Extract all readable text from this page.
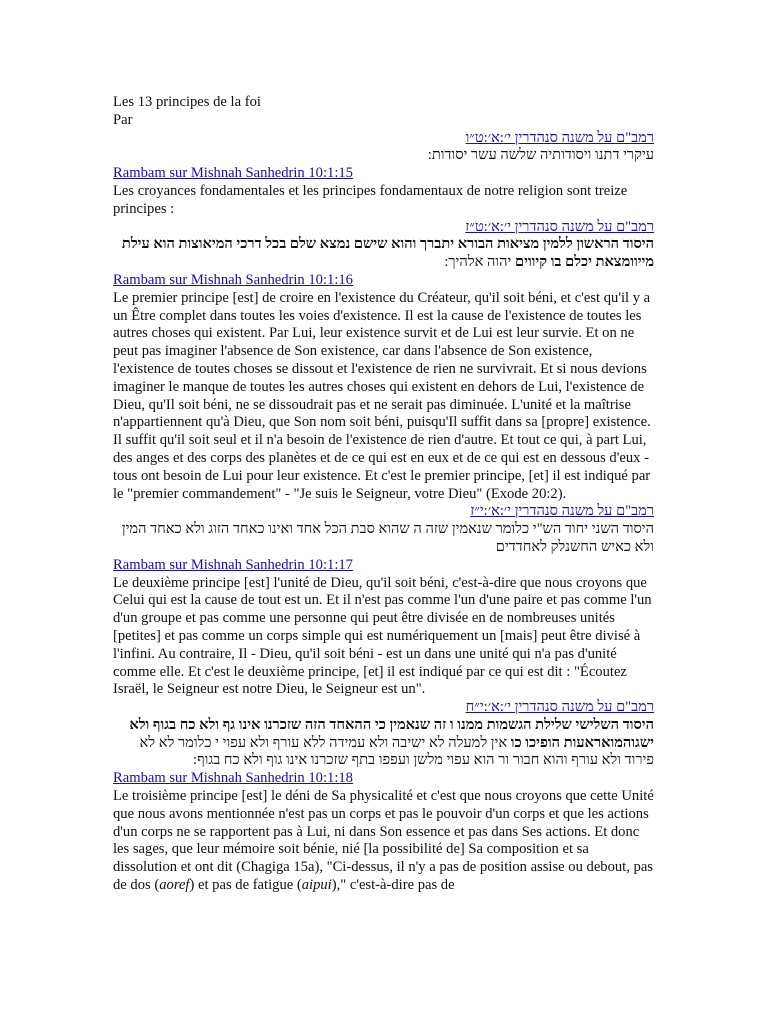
Les 13 principes de la foi
Par
רמב"ם על משנה סנהדרין י׳:א׳:ט״ו
עיקרי דתנו ויסודותיה שלשה עשר יסודות:
Rambam sur Mishnah Sanhedrin 10:1:15
Les croyances fondamentales et les principes fondamentaux de notre religion sont treize principes :
רמב"ם על משנה סנהדרין י׳:א׳:ט״ז
היסוד הראשון ללמין מציאות הבורא יתברך והוא שישם נמצא שלם בכל דרכי המיאוצות הוא עילת מייוומצאת יכלם בו קיווים יהוה אלהיך:
Rambam sur Mishnah Sanhedrin 10:1:16
Le premier principe [est] de croire en l'existence du Créateur, qu'il soit béni, et c'est qu'il y a un Être complet dans toutes les voies d'existence. Il est la cause de l'existence de toutes les autres choses qui existent. Par Lui, leur existence survit et de Lui est leur survie. Et on ne peut pas imaginer l'absence de Son existence, car dans l'absence de Son existence, l'existence de toutes choses se dissout et l'existence de rien ne survivrait. Et si nous devions imaginer le manque de toutes les autres choses qui existent en dehors de Lui, l'existence de Dieu, qu'Il soit béni, ne se dissoudrait pas et ne serait pas diminuée. L'unité et la maîtrise n'appartiennent qu'à Dieu, que Son nom soit béni, puisqu'Il suffit dans sa [propre] existence. Il suffit qu'il soit seul et il n'a besoin de l'existence de rien d'autre. Et tout ce qui, à part Lui, des anges et des corps des planètes et de ce qui est en eux et de ce qui est en dessous d'eux - tous ont besoin de Lui pour leur existence. Et c'est le premier principe, [et] il est indiqué par le "premier commandement" - "Je suis le Seigneur, votre Dieu" (Exode 20:2).
רמב"ם על משנה סנהדרין י׳:א׳:י״ז
היסוד השני יחוד הש"י כלומר שנאמין שזה ה שהוא סבת הכל אחד ואינו כאחד הזוג ולא כאחד המין ולא כאיש החשנלק לאחדדים
Rambam sur Mishnah Sanhedrin 10:1:17
Le deuxième principe [est] l'unité de Dieu, qu'il soit béni, c'est-à-dire que nous croyons que Celui qui est la cause de tout est un. Et il n'est pas comme l'un d'une paire et pas comme l'un d'un groupe et pas comme une personne qui peut être divisée en de nombreuses unités [petites] et pas comme un corps simple qui est numériquement un [mais] peut être divisé à l'infini. Au contraire, Il - Dieu, qu'il soit béni - est un dans une unité qui n'a pas d'unité comme elle. Et c'est le deuxième principe, [et] il est indiqué par ce qui est dit : "Écoutez Israël, le Seigneur est notre Dieu, le Seigneur est un".
רמב"ם על משנה סנהדרין י׳:א׳:י״ח
היסוד השלישי שלילת הגשמות ממנו ו זה שנאמין כי ההאחד הזה שזכרנו אינו גף ולא כח בגוף ולא ישגוהמואראעות הופיכו כו אין למעלה לא ישיבה ולא עמידה ללא עורף ולא עפוי י כלומר לא לא פירוד ולא עורף והוא חבור ור הוא עפוי מלשן ועפפו בתף שזכרנו אינו גוף ולא כח בגוף:
Rambam sur Mishnah Sanhedrin 10:1:18
Le troisième principe [est] le déni de Sa physicalité et c'est que nous croyons que cette Unité que nous avons mentionnée n'est pas un corps et pas le pouvoir d'un corps et que les actions d'un corps ne se rapportent pas à Lui, ni dans Son essence et pas dans Ses actions. Et donc les sages, que leur mémoire soit bénie, nié [la possibilité de] Sa composition et sa dissolution et ont dit (Chagiga 15a), "Ci-dessus, il n'y a pas de position assise ou debout, pas de dos (aoref) et pas de fatigue (aipui)," c'est-à-dire pas de
